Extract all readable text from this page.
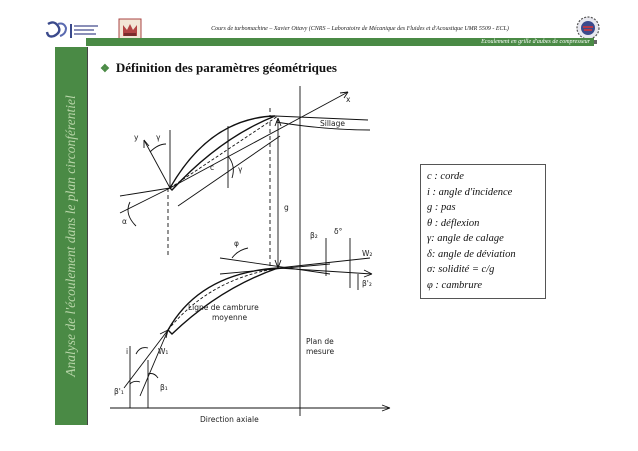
Cours de turbomachine – Xavier Ottavy (CNRS – Laboratoire de Mécanique des Fluides et d'Acoustique UMR 5509 - ECL)
Ecoulement en grille d'aubes de compresseur
Analyse de l'écoulement dans le plan circonférentiel
❖ Définition des paramètres géométriques
x
Sillage
c
γ
γ
y
α
g
φ
β₂ δ°
W₂
β'₂
Ligne de cambrure
moyenne
i	W₁
β'₁	β₁
Plan de
mesure
Direction axiale
c : corde
i : angle d'incidence
g : pas
θ : déflexion
γ: angle de calage
δ: angle de déviation
σ: solidité = c/g
φ : cambrure
